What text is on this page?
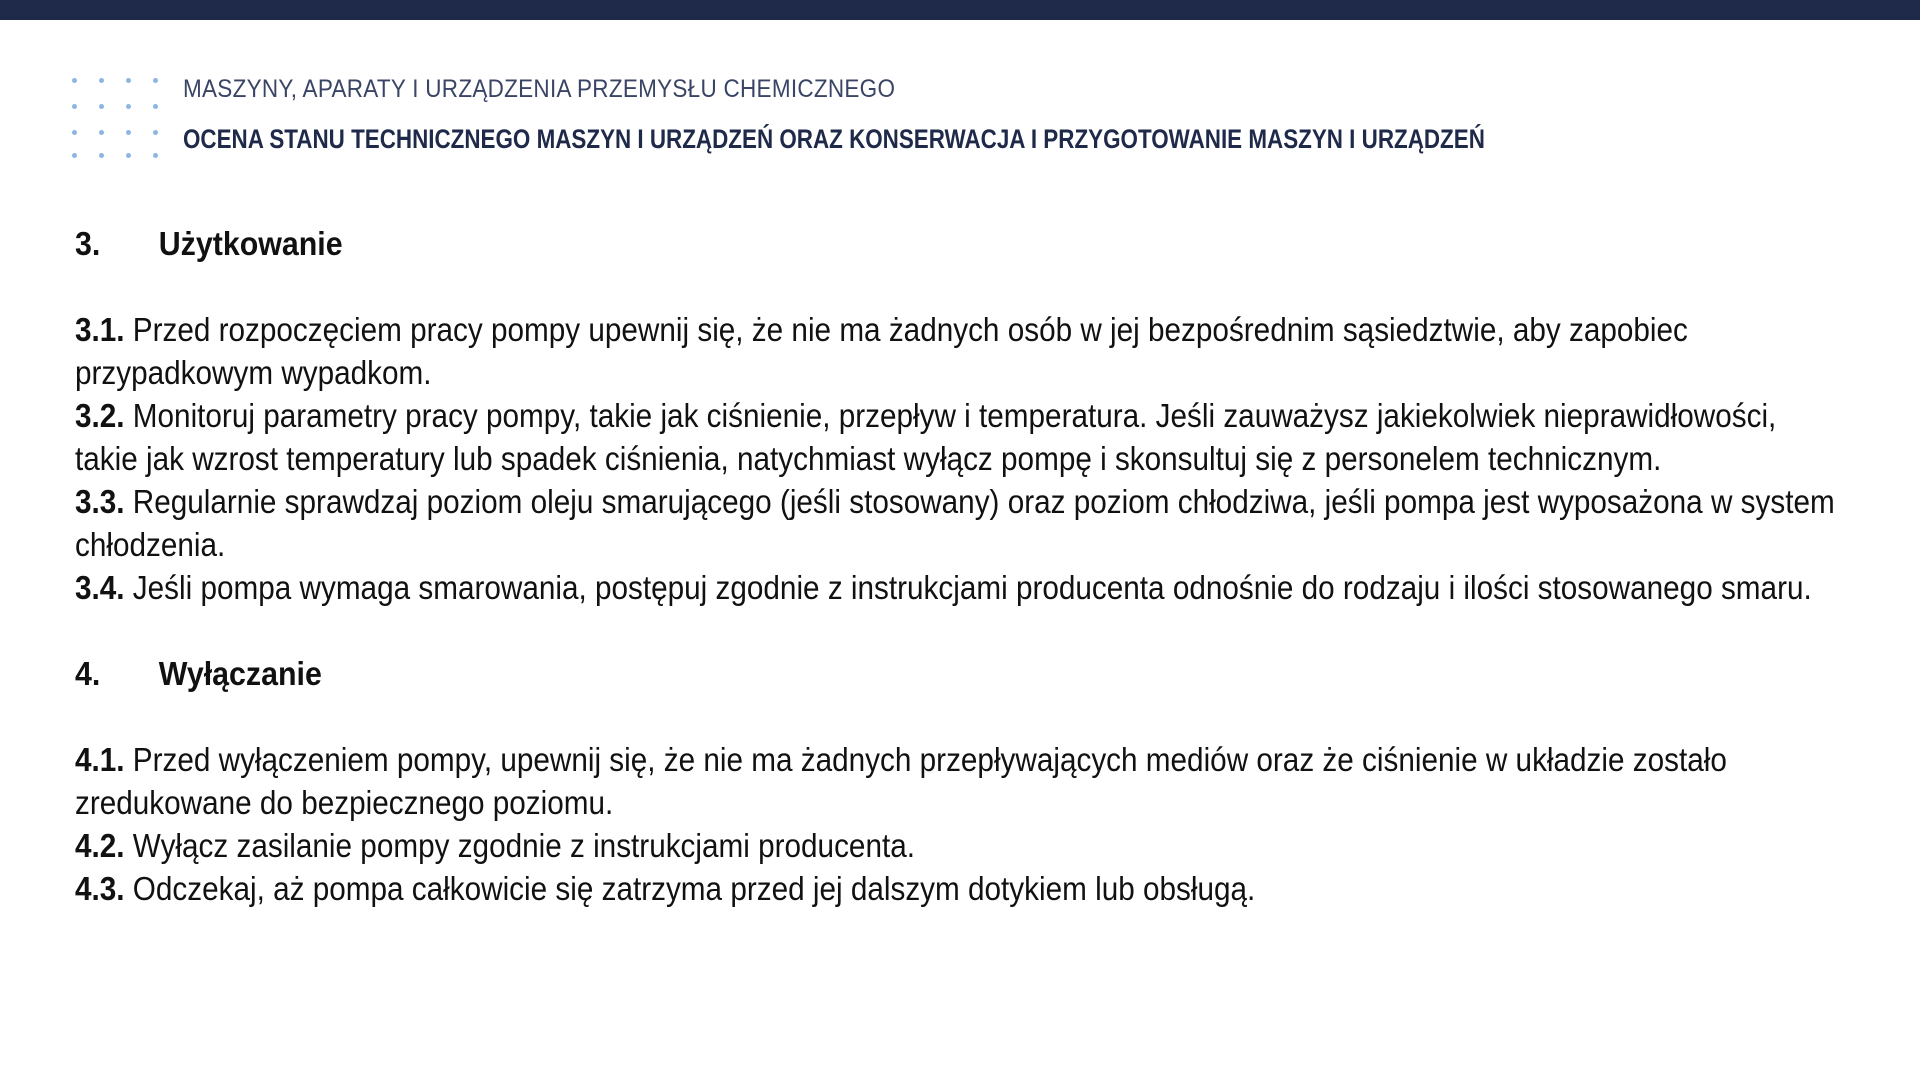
MASZYNY, APARATY I URZĄDZENIA PRZEMYSŁU CHEMICZNEGO
OCENA STANU TECHNICZNEGO MASZYN I URZĄDZEŃ ORAZ KONSERWACJA I PRZYGOTOWANIE MASZYN I URZĄDZEŃ
3. Użytkowanie
3.1. Przed rozpoczęciem pracy pompy upewnij się, że nie ma żadnych osób w jej bezpośrednim sąsiedztwie, aby zapobiec przypadkowym wypadkom.
3.2. Monitoruj parametry pracy pompy, takie jak ciśnienie, przepływ i temperatura. Jeśli zauważysz jakiekolwiek nieprawidłowości, takie jak wzrost temperatury lub spadek ciśnienia, natychmiast wyłącz pompę i skonsultuj się z personelem technicznym.
3.3. Regularnie sprawdzaj poziom oleju smarującego (jeśli stosowany) oraz poziom chłodziwa, jeśli pompa jest wyposażona w system chłodzenia.
3.4. Jeśli pompa wymaga smarowania, postępuj zgodnie z instrukcjami producenta odnośnie do rodzaju i ilości stosowanego smaru.
4. Wyłączanie
4.1. Przed wyłączeniem pompy, upewnij się, że nie ma żadnych przepływających mediów oraz że ciśnienie w układzie zostało zredukowane do bezpiecznego poziomu.
4.2. Wyłącz zasilanie pompy zgodnie z instrukcjami producenta.
4.3. Odczekaj, aż pompa całkowicie się zatrzyma przed jej dalszym dotykiem lub obsługą.
